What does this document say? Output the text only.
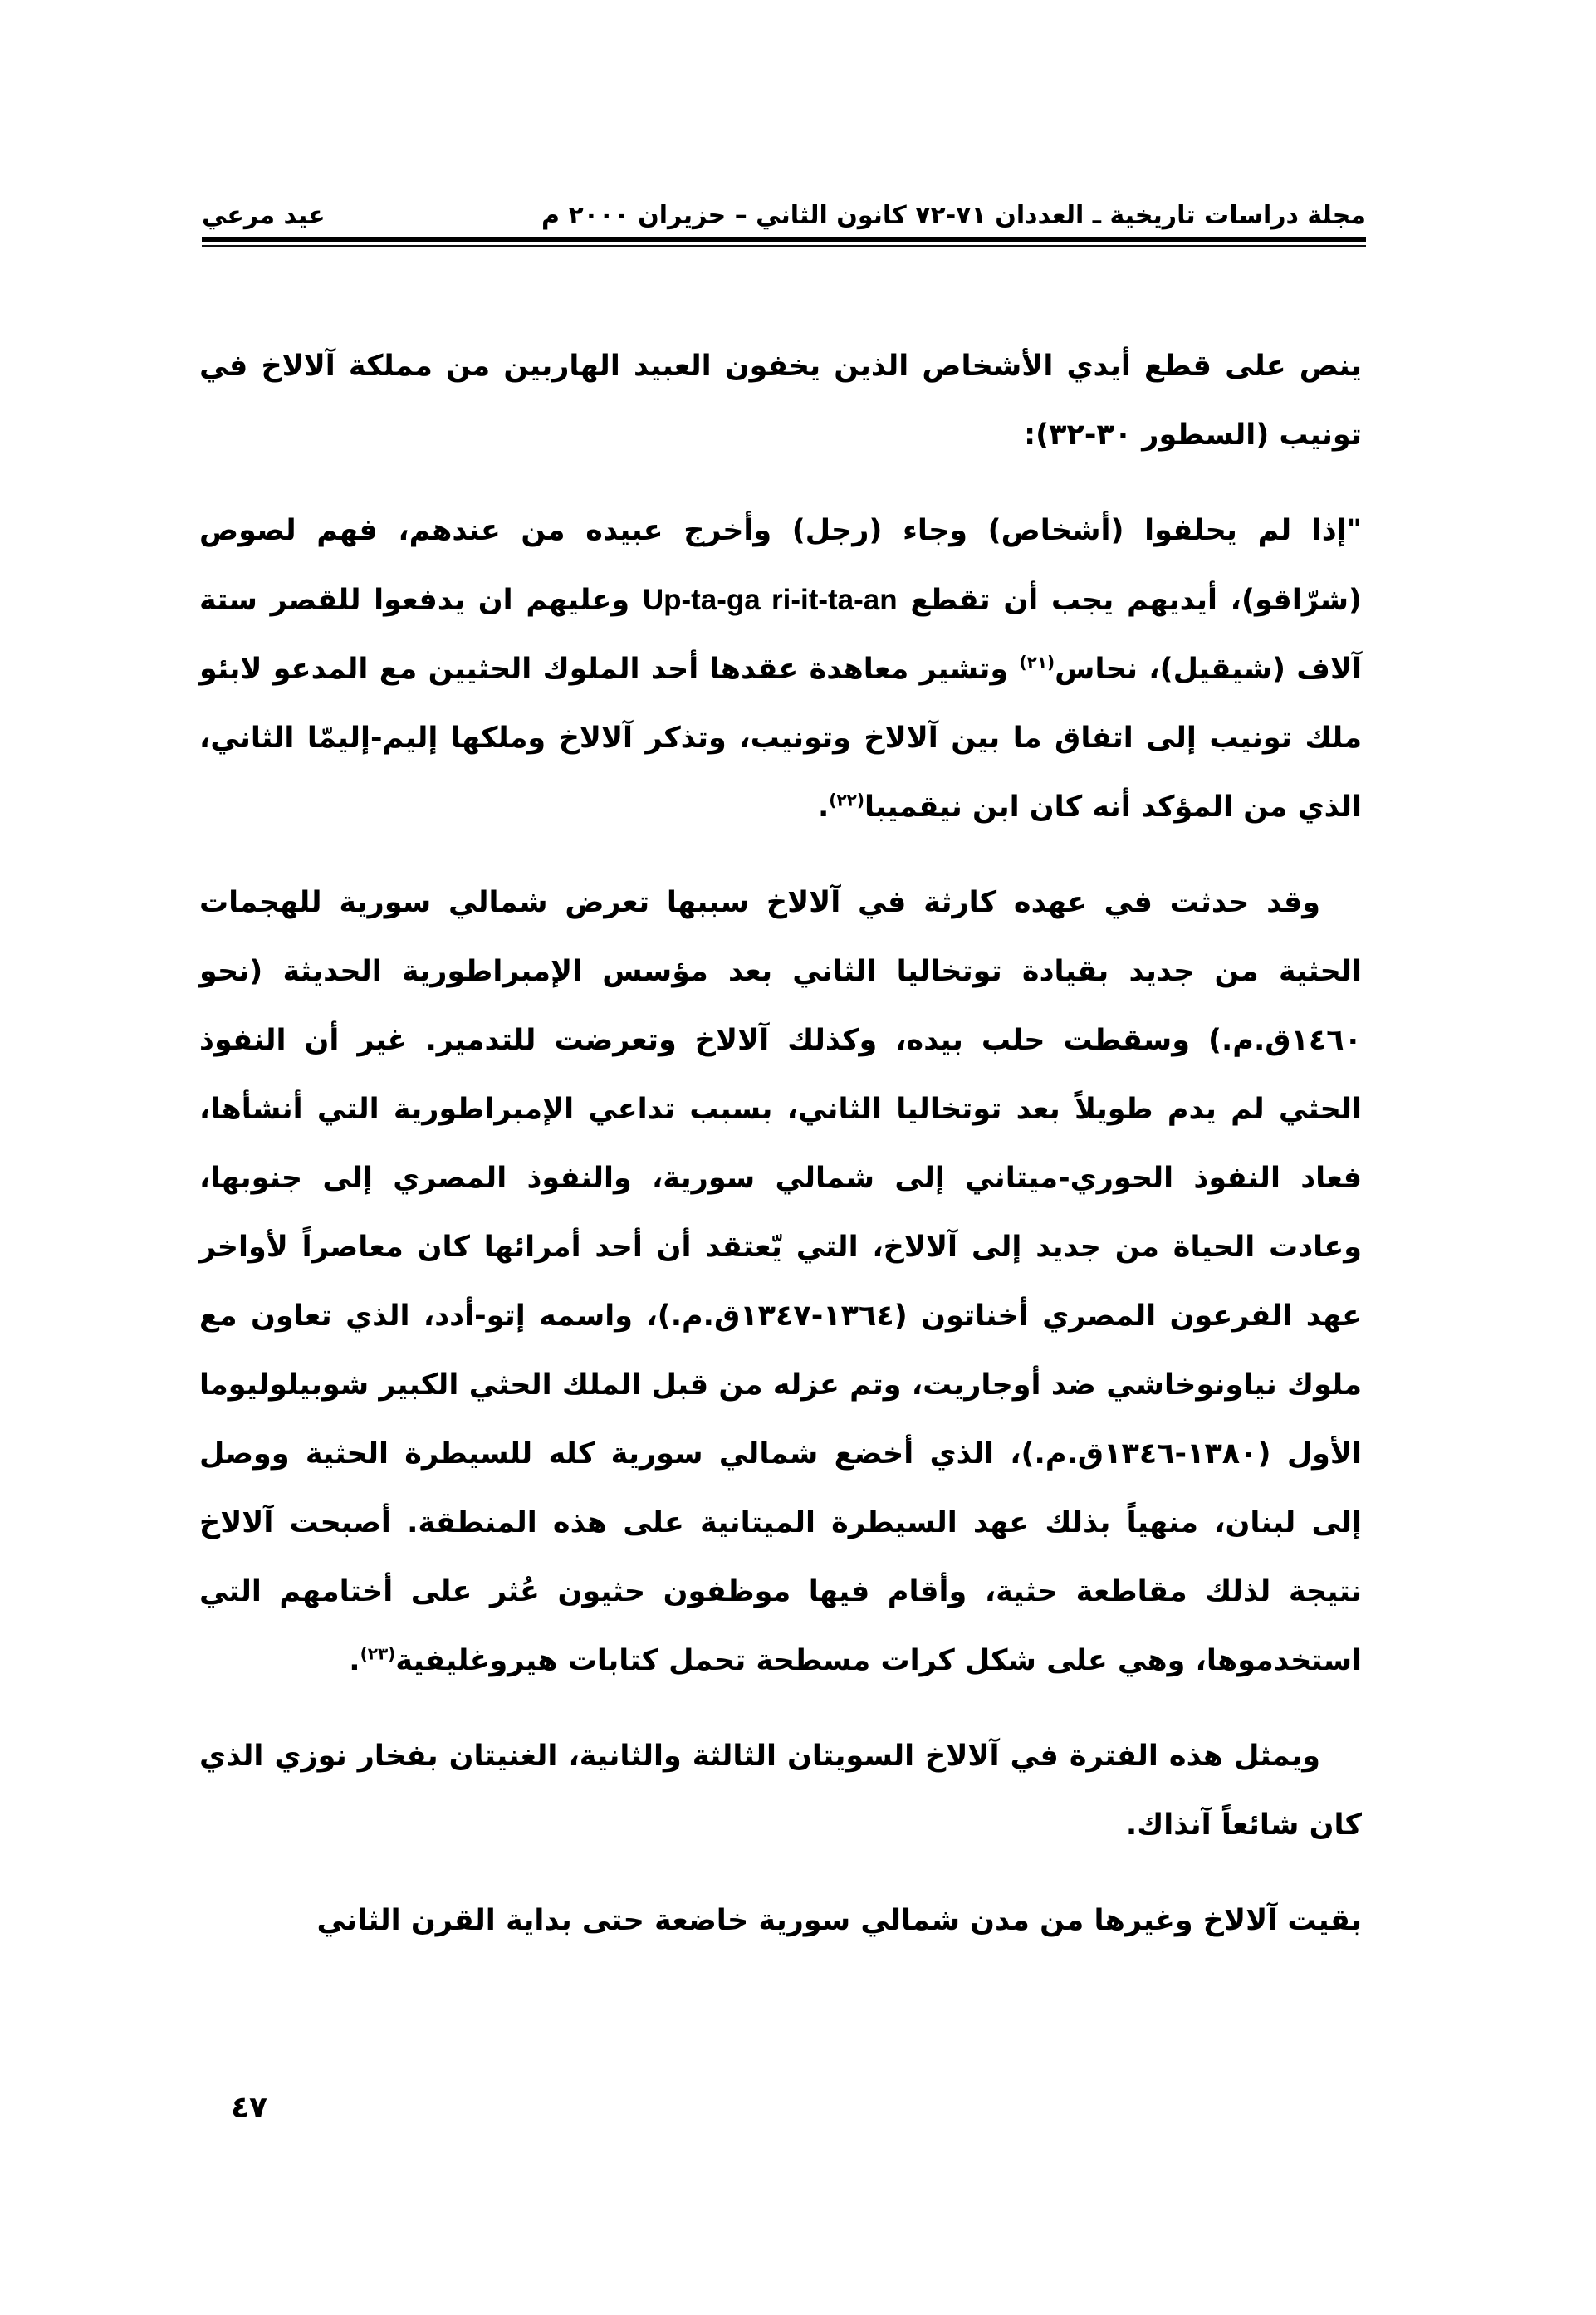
مجلة دراسات تاريخية ـ العددان ٧١-٧٢ كانون الثاني – حزيران ٢٠٠٠ م
عيد مرعي

ينص على قطع أيدي الأشخاص الذين يخفون العبيد الهاربين من مملكة آلالاخ في تونيب (السطور ٣٠-٣٢):

"إذا لم يحلفوا (أشخاص) وجاء (رجل) وأخرج عبيده من عندهم، فهم لصوص (شرّاقو)، أيديهم يجب أن تقطع Up-ta-ga ri-it-ta-an وعليهم ان يدفعوا للقصر ستة آلاف (شيقيل)، نحاس$^{(٢١)}$ وتشير معاهدة عقدها أحد الملوك الحثيين مع المدعو لابئو ملك تونيب إلى اتفاق ما بين آلالاخ وتونيب، وتذكر آلالاخ وملكها إليم-إليمّا الثاني، الذي من المؤكد أنه كان ابن نيقميبا$^{(٢٢)}$.

وقد حدثت في عهده كارثة في آلالاخ سببها تعرض شمالي سورية للهجمات الحثية من جديد بقيادة توتخاليا الثاني بعد مؤسس الإمبراطورية الحديثة (نحو ١٤٦٠ق.م.) وسقطت حلب بيده، وكذلك آلالاخ وتعرضت للتدمير. غير أن النفوذ الحثي لم يدم طويلاً بعد توتخاليا الثاني، بسبب تداعي الإمبراطورية التي أنشأها، فعاد النفوذ الحوري-ميتاني إلى شمالي سورية، والنفوذ المصري إلى جنوبها، وعادت الحياة من جديد إلى آلالاخ، التي يّعتقد أن أحد أمرائها كان معاصراً لأواخر عهد الفرعون المصري أخناتون (١٣٦٤-١٣٤٧ق.م.)، واسمه إتو-أدد، الذي تعاون مع ملوك نياونوخاشي ضد أوجاريت، وتم عزله من قبل الملك الحثي الكبير شوبيلوليوما الأول (١٣٨٠-١٣٤٦ق.م.)، الذي أخضع شمالي سورية كله للسيطرة الحثية ووصل إلى لبنان، منهياً بذلك عهد السيطرة الميتانية على هذه المنطقة. أصبحت آلالاخ نتيجة لذلك مقاطعة حثية، وأقام فيها موظفون حثيون عُثر على أختامهم التي استخدموها، وهي على شكل كرات مسطحة تحمل كتابات هيروغليفية$^{(٢٣)}$.

ويمثل هذه الفترة في آلالاخ السويتان الثالثة والثانية، الغنيتان بفخار نوزي الذي كان شائعاً آنذاك.

بقيت آلالاخ وغيرها من مدن شمالي سورية خاضعة حتى بداية القرن الثاني

٤٧
